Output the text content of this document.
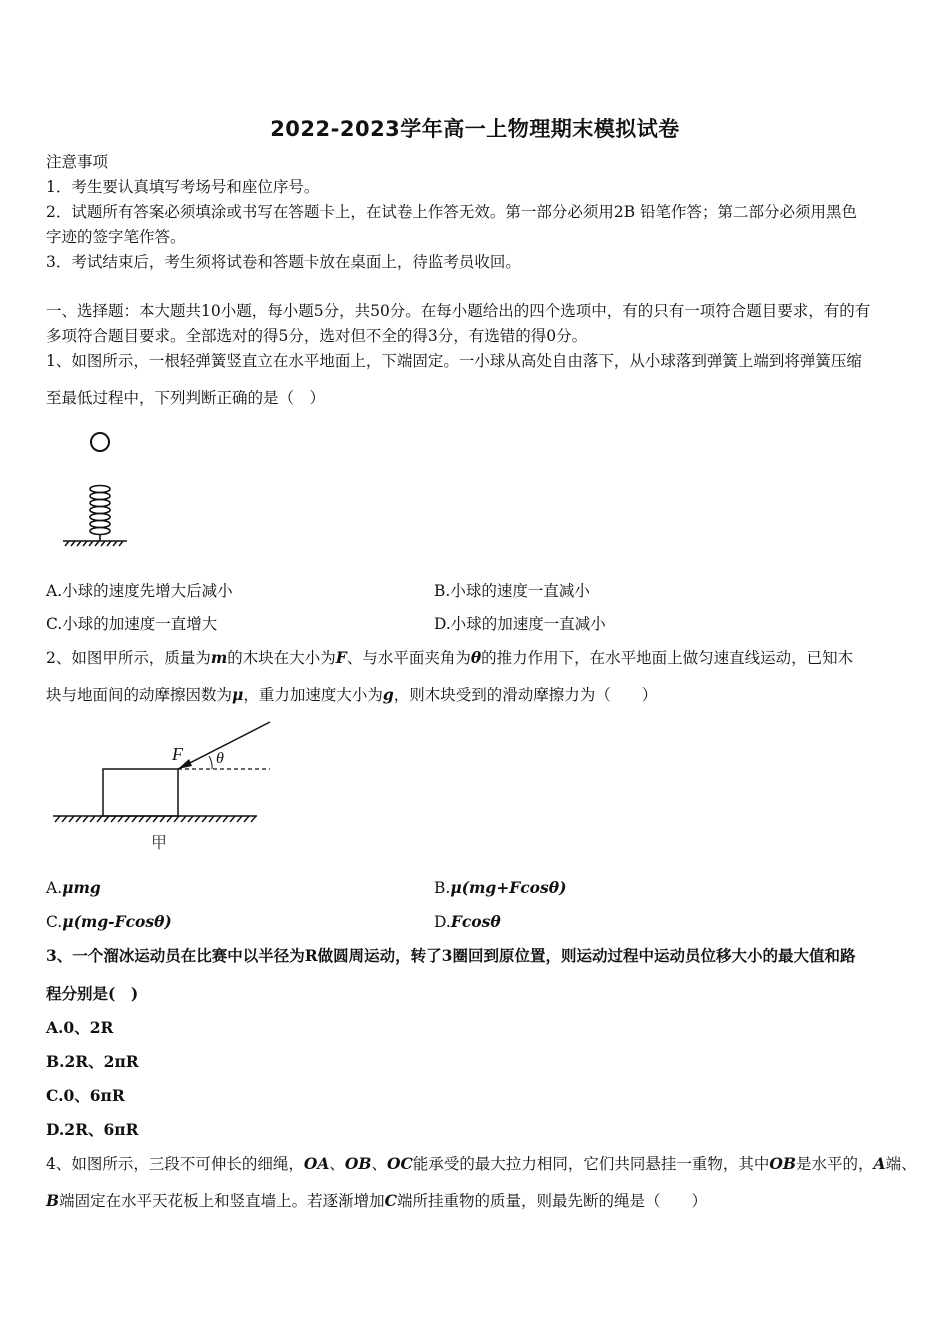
2022-2023学年高一上物理期末模拟试卷
注意事项
1．考生要认真填写考场号和座位序号。
2．试题所有答案必须填涂或书写在答题卡上，在试卷上作答无效。第一部分必须用2B 铅笔作答；第二部分必须用黑色
字迹的签字笔作答。
3．考试结束后，考生须将试卷和答题卡放在桌面上，待监考员收回。
一、选择题：本大题共10小题，每小题5分，共50分。在每小题给出的四个选项中，有的只有一项符合题目要求，有的有
多项符合题目要求。全部选对的得5分，选对但不全的得3分，有选错的得0分。
1、如图所示，一根轻弹簧竖直立在水平地面上，下端固定。一小球从高处自由落下，从小球落到弹簧上端到将弹簧压缩
至最低过程中，下列判断正确的是（　）
A.小球的速度先增大后减小	B.小球的速度一直减小
C.小球的加速度一直增大	D.小球的加速度一直减小
2、如图甲所示，质量为m的木块在大小为F、与水平面夹角为θ的推力作用下，在水平地面上做匀速直线运动，已知木
块与地面间的动摩擦因数为μ，重力加速度大小为g，则木块受到的滑动摩擦力为（　　）
F θ
甲
A.μmg	B.μ(mg+Fcosθ)
C.μ(mg-Fcosθ)	D.Fcosθ
3、一个溜冰运动员在比赛中以半径为R做圆周运动，转了3圈回到原位置，则运动过程中运动员位移大小的最大值和路
程分别是(　)
A.0、2R
B.2R、2πR
C.0、6πR
D.2R、6πR
4、如图所示，三段不可伸长的细绳，OA、OB、OC能承受的最大拉力相同，它们共同悬挂一重物，其中OB是水平的，A端、
B端固定在水平天花板上和竖直墙上。若逐渐增加C端所挂重物的质量，则最先断的绳是（　　）
